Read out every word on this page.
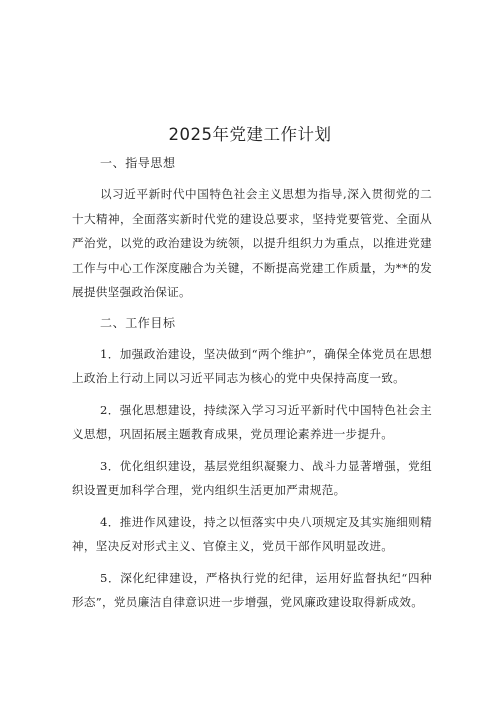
2025年党建工作计划
一、指导思想
以习近平新时代中国特色社会主义思想为指导,深入贯彻党的二十大精神，全面落实新时代党的建设总要求，坚持党要管党、全面从严治党，以党的政治建设为统领，以提升组织力为重点，以推进党建工作与中心工作深度融合为关键，不断提高党建工作质量，为**的发展提供坚强政治保证。
二、工作目标
1．加强政治建设，坚决做到“两个维护”，确保全体党员在思想上政治上行动上同以习近平同志为核心的党中央保持高度一致。
2．强化思想建设，持续深入学习习近平新时代中国特色社会主义思想，巩固拓展主题教育成果，党员理论素养进一步提升。
3．优化组织建设，基层党组织凝聚力、战斗力显著增强，党组织设置更加科学合理，党内组织生活更加严肃规范。
4．推进作风建设，持之以恒落实中央八项规定及其实施细则精神，坚决反对形式主义、官僚主义，党员干部作风明显改进。
5．深化纪律建设，严格执行党的纪律，运用好监督执纪“四种形态”，党员廉洁自律意识进一步增强，党风廉政建设取得新成效。
